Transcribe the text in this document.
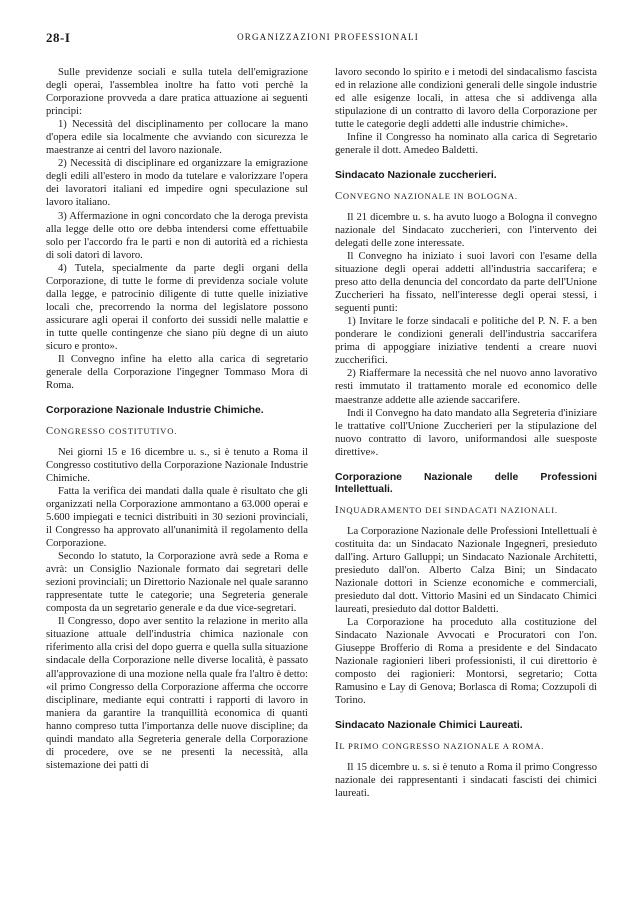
28-I	ORGANIZZAZIONI PROFESSIONALI

Sulle previdenze sociali e sulla tutela dell'emigrazione degli operai, l'assemblea inoltre ha fatto voti perchè la Corporazione provveda a dare pratica attuazione ai seguenti principi:

1) Necessità del disciplinamento per collocare la mano d'opera edile sia localmente che avviando con sicurezza le maestranze ai centri del lavoro nazionale.

2) Necessità di disciplinare ed organizzare la emigrazione degli edili all'estero in modo da tutelare e valorizzare l'opera dei lavoratori italiani ed impedire ogni speculazione sul lavoro italiano.

3) Affermazione in ogni concordato che la deroga prevista alla legge delle otto ore debba intendersi come effettuabile solo per l'accordo fra le parti e non di autorità ed a richiesta di soli datori di lavoro.

4) Tutela, specialmente da parte degli organi della Corporazione, di tutte le forme di previdenza sociale volute dalla legge, e patrocinio diligente di tutte quelle iniziative locali che, precorrendo la norma del legislatore possono assicurare agli operai il conforto dei sussidi nelle malattie e in tutte quelle contingenze che siano più degne di un aiuto sicuro e pronto».

Il Convegno infine ha eletto alla carica di segretario generale della Corporazione l'ingegner Tommaso Mora di Roma.

Corporazione Nazionale Industrie Chimiche.

CONGRESSO COSTITUTIVO.

Nei giorni 15 e 16 dicembre u. s., si è tenuto a Roma il Congresso costitutivo della Corporazione Nazionale Industrie Chimiche.

Fatta la verifica dei mandati dalla quale è risultato che gli organizzati nella Corporazione ammontano a 63.000 operai e 5.600 impiegati e tecnici distribuiti in 30 sezioni provinciali, il Congresso ha approvato all'unanimità il regolamento della Corporazione.

Secondo lo statuto, la Corporazione avrà sede a Roma e avrà: un Consiglio Nazionale formato dai segretari delle sezioni provinciali; un Direttorio Nazionale nel quale saranno rappresentate tutte le categorie; una Segreteria generale composta da un segretario generale e da due vice-segretari.

Il Congresso, dopo aver sentito la relazione in merito alla situazione attuale dell'industria chimica nazionale con riferimento alla crisi del dopo guerra e quella sulla situazione sindacale della Corporazione nelle diverse località, è passato all'approvazione di una mozione nella quale fra l'altro è detto: «il primo Congresso della Corporazione afferma che occorre disciplinare, mediante equi contratti i rapporti di lavoro in maniera da garantire la tranquillità economica di quanti hanno compreso tutta l'importanza delle nuove discipline; da quindi mandato alla Segreteria generale della Corporazione di procedere, ove se ne presenti la necessità, alla sistemazione dei patti di

lavoro secondo lo spirito e i metodi del sindacalismo fascista ed in relazione alle condizioni generali delle singole industrie ed alle esigenze locali, in attesa che si addivenga alla stipulazione di un contratto di lavoro della Corporazione per tutte le categorie degli addetti alle industrie chimiche».

Infine il Congresso ha nominato alla carica di Segretario generale il dott. Amedeo Baldetti.

Sindacato Nazionale zuccherieri.

CONVEGNO NAZIONALE IN BOLOGNA.

Il 21 dicembre u. s. ha avuto luogo a Bologna il convegno nazionale del Sindacato zuccherieri, con l'intervento dei delegati delle zone interessate.

Il Convegno ha iniziato i suoi lavori con l'esame della situazione degli operai addetti all'industria saccarifera; e preso atto della denuncia del concordato da parte dell'Unione Zuccherieri ha fissato, nell'interesse degli operai stessi, i seguenti punti:

1) Invitare le forze sindacali e politiche del P. N. F. a ben ponderare le condizioni generali dell'industria saccarifera prima di appoggiare iniziative tendenti a creare nuovi zuccherifici.

2) Riaffermare la necessità che nel nuovo anno lavorativo resti immutato il trattamento morale ed economico delle maestranze addette alle aziende saccarifere.

Indi il Convegno ha dato mandato alla Segreteria d'iniziare le trattative coll'Unione Zuccherieri per la stipulazione del nuovo contratto di lavoro, uniformandosi alle suesposte direttive».

Corporazione Nazionale delle Professioni Intellettuali.

INQUADRAMENTO DEI SINDACATI NAZIONALI.

La Corporazione Nazionale delle Professioni Intellettuali è costituita da: un Sindacato Nazionale Ingegneri, presieduto dall'ing. Arturo Galluppi; un Sindacato Nazionale Architetti, presieduto dall'on. Alberto Calza Bini; un Sindacato Nazionale dottori in Scienze economiche e commerciali, presieduto dal dott. Vittorio Masini ed un Sindacato Chimici laureati, presieduto dal dottor Baldetti.

La Corporazione ha proceduto alla costituzione del Sindacato Nazionale Avvocati e Procuratori con l'on. Giuseppe Brofferio di Roma a presidente e del Sindacato Nazionale ragionieri liberi professionisti, il cui direttorio è composto dei ragionieri: Montorsi, segretario; Cotta Ramusino e Lay di Genova; Borlasca di Roma; Cozzupoli di Torino.

Sindacato Nazionale Chimici Laureati.

IL PRIMO CONGRESSO NAZIONALE A ROMA.

Il 15 dicembre u. s. si è tenuto a Roma il primo Congresso nazionale dei rappresentanti i sindacati fascisti dei chimici laureati.
